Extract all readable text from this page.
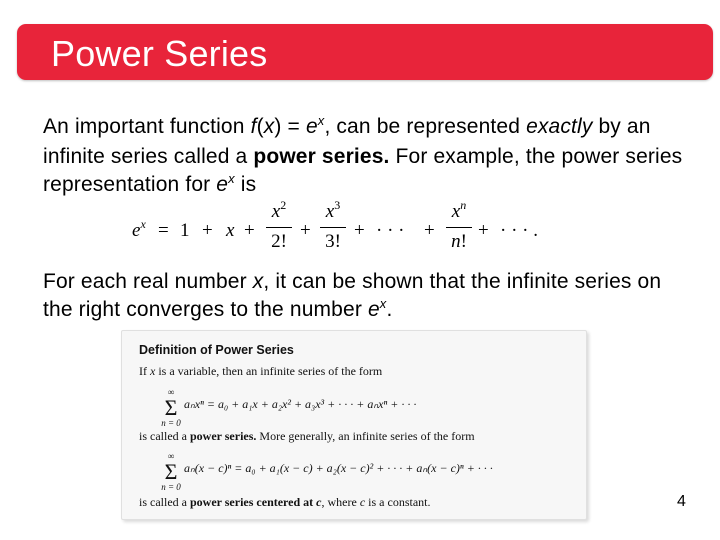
Power Series
An important function $f(x) = e^x$, can be represented exactly by an infinite series called a power series. For example, the power series representation for $e^x$ is
$e^x = 1 + x$ +
$x^2$
2!
+
$x^3$
3!
+ · · · +
$x^n$
n!
+ · · · .
For each real number x, it can be shown that the infinite series on the right converges to the number $e^x$.
Definition of Power Series
If x is a variable, then an infinite series of the form
∞
Σ
n = 0
aₙxⁿ = a₀ + a₁x + a₂x² + a₃x³ + · · · + aₙxⁿ + · · ·
is called a power series. More generally, an infinite series of the form
∞
Σ
n = 0
aₙ(x − c)ⁿ = a₀ + a₁(x − c) + a₂(x − c)² + · · · + aₙ(x − c)ⁿ + · · ·
is called a power series centered at c, where c is a constant.	4
